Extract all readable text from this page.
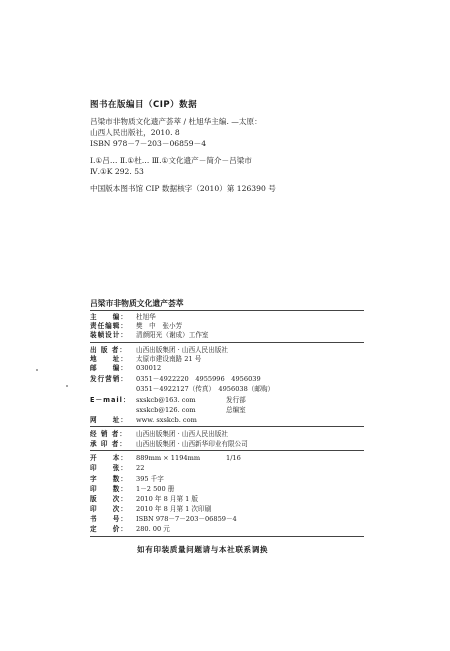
图书在版编目（CIP）数据
吕梁市非物质文化遗产荟萃 / 杜旭华主编. —太原：
山西人民出版社，2010. 8
ISBN 978－7－203－06859－4
Ⅰ.①吕… Ⅱ.①杜… Ⅲ.①文化遗产－简介－吕梁市
Ⅳ.①K 292. 53
中国版本图书馆 CIP 数据核字（2010）第 126390 号
吕梁市非物质文化遗产荟萃
主　　编： 杜旭华
责任编辑： 樊　中　张小芳
装帧设计： 清颜阳光（谢成）工作室
出 版 者： 山西出版集团 · 山西人民出版社
地　　址： 太原市建设南路 21 号
邮　　编： 030012
发行营销： 0351－4922220　4955996　4956039
0351－4922127（传真）　4956038（邮购）
E－mail： sxskcb@163. com	发行部
sxskcb@126. com	总编室
网　　址： www. sxskcb. com
经 销 者： 山西出版集团 · 山西人民出版社
承 印 者： 山西出版集团 · 山西新华印业有限公司
开　　本： 889mm × 1194mm	1/16
印　　张： 22
字　　数： 395 千字
印　　数： 1－2 500 册
版　　次： 2010 年 8 月第 1 版
印　　次： 2010 年 8 月第 1 次印刷
书　　号： ISBN 978－7－203－06859－4
定　　价： 280. 00 元
如有印装质量问题请与本社联系调换
